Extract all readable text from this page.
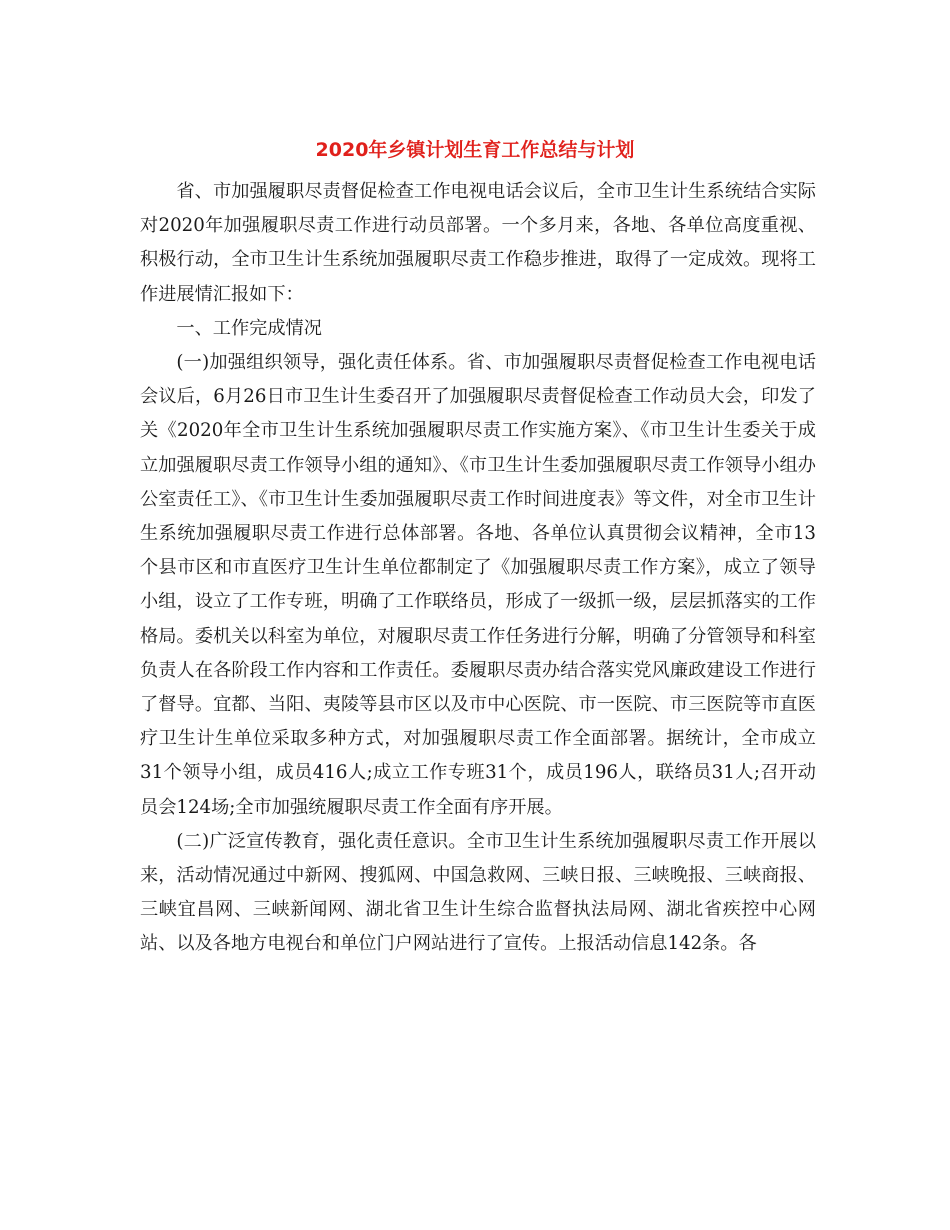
2020年乡镇计划生育工作总结与计划

省、市加强履职尽责督促检查工作电视电话会议后，全市卫生计生系统结合实际对2020年加强履职尽责工作进行动员部署。一个多月来，各地、各单位高度重视、积极行动，全市卫生计生系统加强履职尽责工作稳步推进，取得了一定成效。现将工作进展情汇报如下：

一、工作完成情况

(一)加强组织领导，强化责任体系。省、市加强履职尽责督促检查工作电视电话会议后，6月26日市卫生计生委召开了加强履职尽责督促检查工作动员大会，印发了关《2020年全市卫生计生系统加强履职尽责工作实施方案》、《市卫生计生委关于成立加强履职尽责工作领导小组的通知》、《市卫生计生委加强履职尽责工作领导小组办公室责任工》、《市卫生计生委加强履职尽责工作时间进度表》等文件，对全市卫生计生系统加强履职尽责工作进行总体部署。各地、各单位认真贯彻会议精神，全市13个县市区和市直医疗卫生计生单位都制定了《加强履职尽责工作方案》，成立了领导小组，设立了工作专班，明确了工作联络员，形成了一级抓一级，层层抓落实的工作格局。委机关以科室为单位，对履职尽责工作任务进行分解，明确了分管领导和科室负责人在各阶段工作内容和工作责任。委履职尽责办结合落实党风廉政建设工作进行了督导。宜都、当阳、夷陵等县市区以及市中心医院、市一医院、市三医院等市直医疗卫生计生单位采取多种方式，对加强履职尽责工作全面部署。据统计，全市成立31个领导小组，成员416人;成立工作专班31个，成员196人，联络员31人;召开动员会124场;全市加强统履职尽责工作全面有序开展。

(二)广泛宣传教育，强化责任意识。全市卫生计生系统加强履职尽责工作开展以来，活动情况通过中新网、搜狐网、中国急救网、三峡日报、三峡晚报、三峡商报、三峡宜昌网、三峡新闻网、湖北省卫生计生综合监督执法局网、湖北省疾控中心网站、以及各地方电视台和单位门户网站进行了宣传。上报活动信息142条。各
